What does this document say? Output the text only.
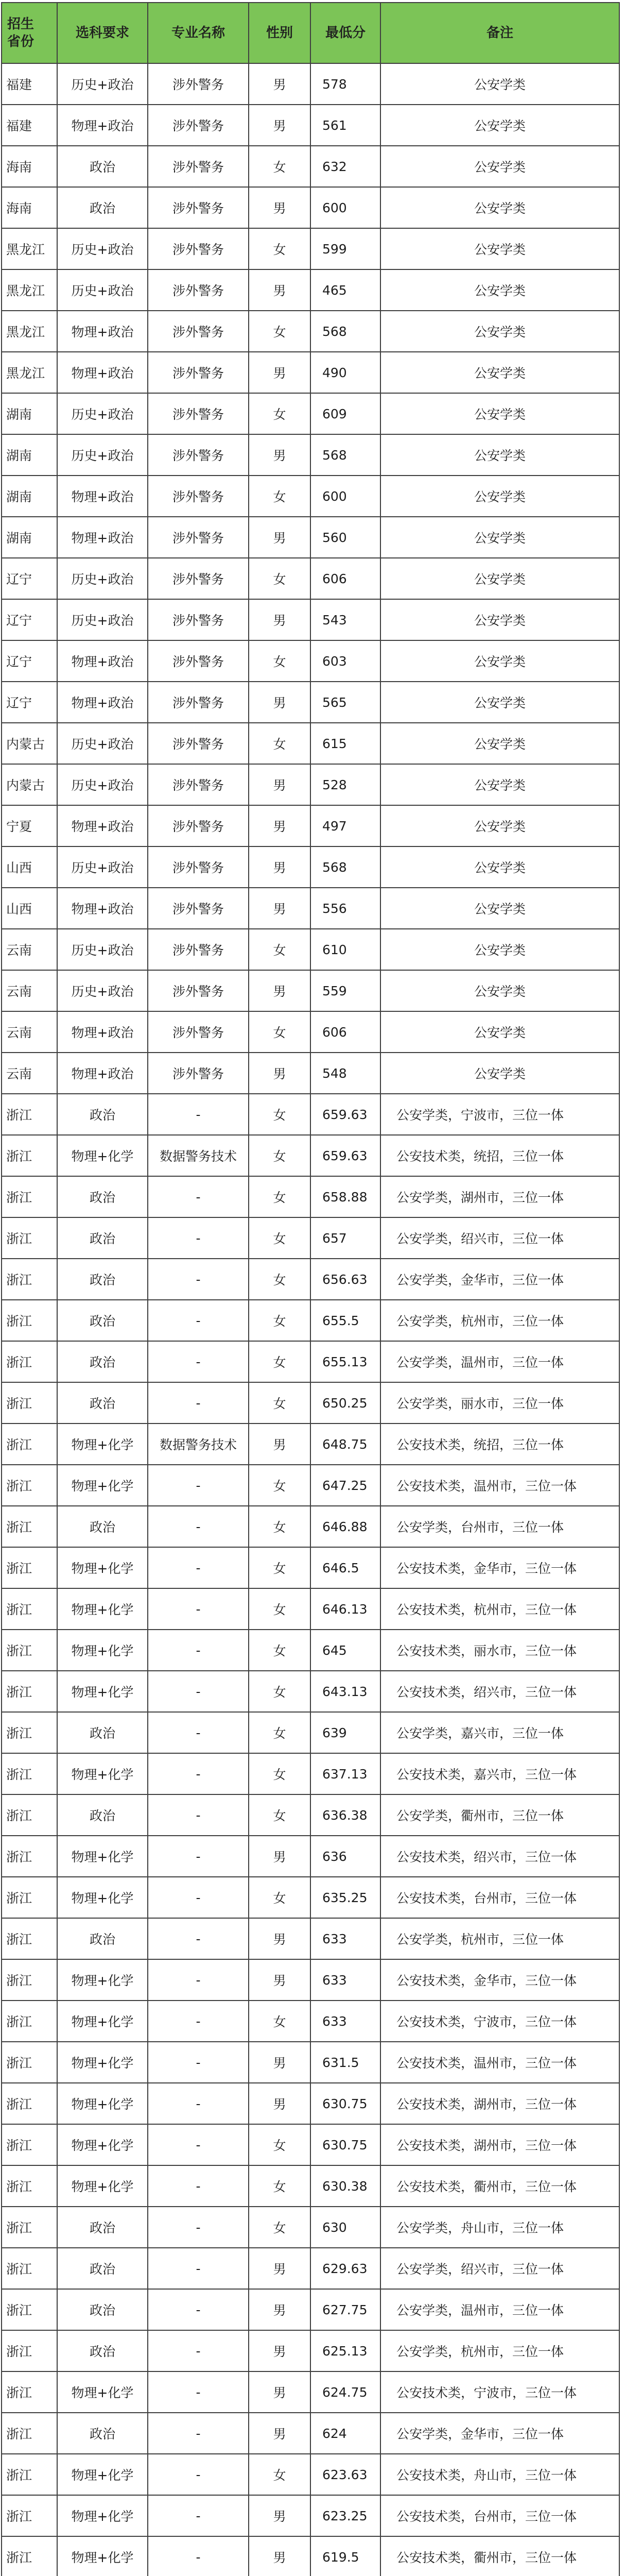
招生
省份	选科要求	专业名称	性别	最低分	备注
福建	历史+政治	涉外警务	男	578	公安学类
福建	物理+政治	涉外警务	男	561	公安学类
海南	政治	涉外警务	女	632	公安学类
海南	政治	涉外警务	男	600	公安学类
黑龙江	历史+政治	涉外警务	女	599	公安学类
黑龙江	历史+政治	涉外警务	男	465	公安学类
黑龙江	物理+政治	涉外警务	女	568	公安学类
黑龙江	物理+政治	涉外警务	男	490	公安学类
湖南	历史+政治	涉外警务	女	609	公安学类
湖南	历史+政治	涉外警务	男	568	公安学类
湖南	物理+政治	涉外警务	女	600	公安学类
湖南	物理+政治	涉外警务	男	560	公安学类
辽宁	历史+政治	涉外警务	女	606	公安学类
辽宁	历史+政治	涉外警务	男	543	公安学类
辽宁	物理+政治	涉外警务	女	603	公安学类
辽宁	物理+政治	涉外警务	男	565	公安学类
内蒙古	历史+政治	涉外警务	女	615	公安学类
内蒙古	历史+政治	涉外警务	男	528	公安学类
宁夏	物理+政治	涉外警务	男	497	公安学类
山西	历史+政治	涉外警务	男	568	公安学类
山西	物理+政治	涉外警务	男	556	公安学类
云南	历史+政治	涉外警务	女	610	公安学类
云南	历史+政治	涉外警务	男	559	公安学类
云南	物理+政治	涉外警务	女	606	公安学类
云南	物理+政治	涉外警务	男	548	公安学类
浙江	政治	-	女	659.63	公安学类，宁波市，三位一体
浙江	物理+化学	数据警务技术	女	659.63	公安技术类，统招，三位一体
浙江	政治	-	女	658.88	公安学类，湖州市，三位一体
浙江	政治	-	女	657	公安学类，绍兴市，三位一体
浙江	政治	-	女	656.63	公安学类，金华市，三位一体
浙江	政治	-	女	655.5	公安学类，杭州市，三位一体
浙江	政治	-	女	655.13	公安学类，温州市，三位一体
浙江	政治	-	女	650.25	公安学类，丽水市，三位一体
浙江	物理+化学	数据警务技术	男	648.75	公安技术类，统招，三位一体
浙江	物理+化学	-	女	647.25	公安技术类，温州市，三位一体
浙江	政治	-	女	646.88	公安学类，台州市，三位一体
浙江	物理+化学	-	女	646.5	公安技术类，金华市，三位一体
浙江	物理+化学	-	女	646.13	公安技术类，杭州市，三位一体
浙江	物理+化学	-	女	645	公安技术类，丽水市，三位一体
浙江	物理+化学	-	女	643.13	公安技术类，绍兴市，三位一体
浙江	政治	-	女	639	公安学类，嘉兴市，三位一体
浙江	物理+化学	-	女	637.13	公安技术类，嘉兴市，三位一体
浙江	政治	-	女	636.38	公安学类，衢州市，三位一体
浙江	物理+化学	-	男	636	公安技术类，绍兴市，三位一体
浙江	物理+化学	-	女	635.25	公安技术类，台州市，三位一体
浙江	政治	-	男	633	公安学类，杭州市，三位一体
浙江	物理+化学	-	男	633	公安技术类，金华市，三位一体
浙江	物理+化学	-	女	633	公安技术类，宁波市，三位一体
浙江	物理+化学	-	男	631.5	公安技术类，温州市，三位一体
浙江	物理+化学	-	男	630.75	公安技术类，湖州市，三位一体
浙江	物理+化学	-	女	630.75	公安技术类，湖州市，三位一体
浙江	物理+化学	-	女	630.38	公安技术类，衢州市，三位一体
浙江	政治	-	女	630	公安学类，舟山市，三位一体
浙江	政治	-	男	629.63	公安学类，绍兴市，三位一体
浙江	政治	-	男	627.75	公安学类，温州市，三位一体
浙江	政治	-	男	625.13	公安学类，杭州市，三位一体
浙江	物理+化学	-	男	624.75	公安技术类，宁波市，三位一体
浙江	政治	-	男	624	公安学类，金华市，三位一体
浙江	物理+化学	-	女	623.63	公安技术类，舟山市，三位一体
浙江	物理+化学	-	男	623.25	公安技术类，台州市，三位一体
浙江	物理+化学	-	男	619.5	公安技术类，衢州市，三位一体
